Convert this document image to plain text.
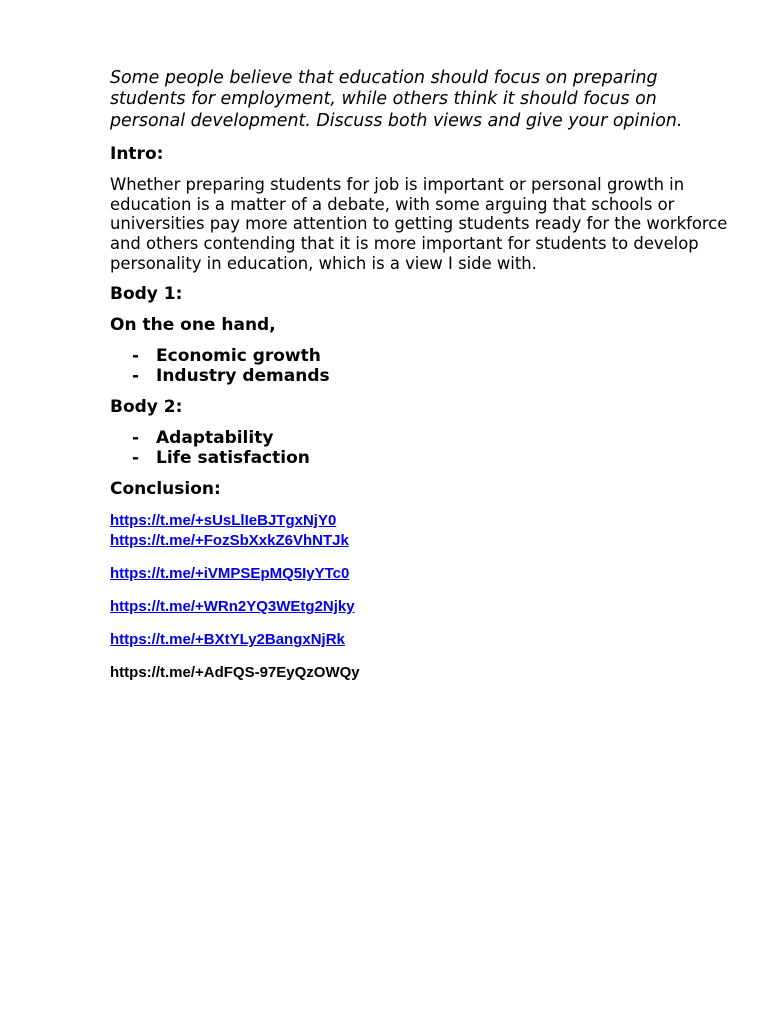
Some people believe that education should focus on preparing students for employment, while others think it should focus on personal development. Discuss both views and give your opinion.

Intro:

Whether preparing students for job is important or personal growth in education is a matter of a debate, with some arguing that schools or universities pay more attention to getting students ready for the workforce and others contending that it is more important for students to develop personality in education, which is a view I side with.

Body 1:
On the one hand,
- Economic growth
- Industry demands
Body 2:
- Adaptability
- Life satisfaction
Conclusion:
https://t.me/+sUsLlIeBJTgxNjY0
https://t.me/+FozSbXxkZ6VhNTJk
https://t.me/+iVMPSEpMQ5IyYTc0
https://t.me/+WRn2YQ3WEtg2Njky
https://t.me/+BXtYLy2BangxNjRk
https://t.me/+AdFQS-97EyQzOWQy
